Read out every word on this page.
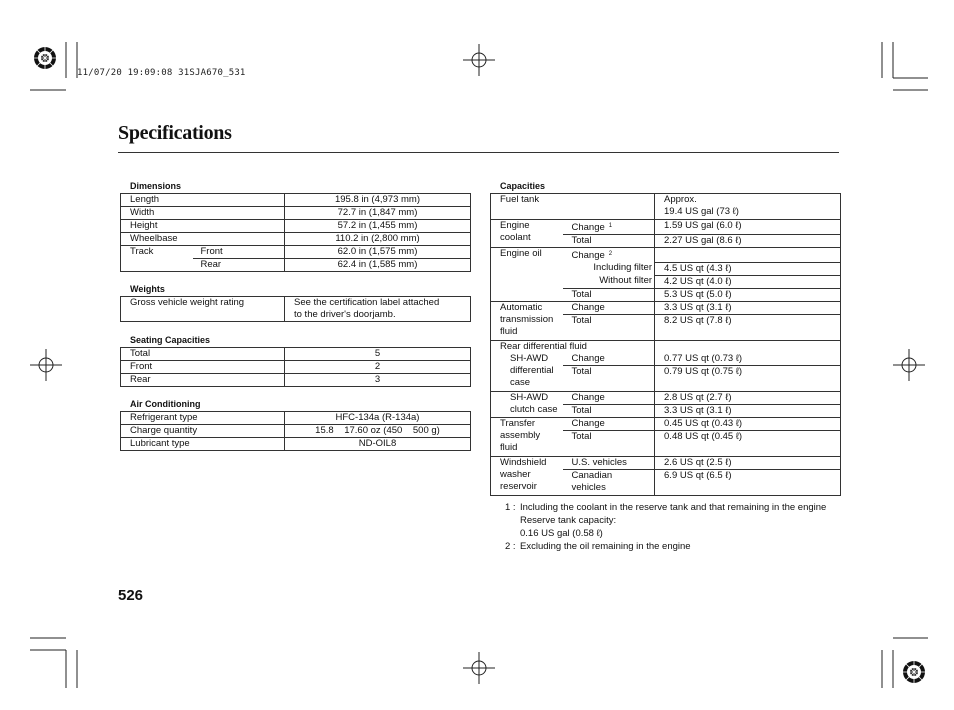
11/07/20 19:09:08 31SJA670_531
Specifications
Dimensions
Length		195.8 in (4,973 mm)
Width		72.7 in (1,847 mm)
Height		57.2 in (1,455 mm)
Wheelbase		110.2 in (2,800 mm)
Track	Front	62.0 in (1,575 mm)
	Rear	62.4 in (1,585 mm)
Weights
Gross vehicle weight rating	See the certification label attached
to the driver's doorjamb.
Seating Capacities
Total	5
Front	2
Rear	3
Air Conditioning
Refrigerant type	HFC-134a (R-134a)
Charge quantity	15.8    17.60 oz (450    500 g)
Lubricant type	ND-OIL8
Capacities
Fuel tank		Approx.
19.4 US gal (73 ℓ)

Engine
coolant	Change $^1$	1.59 US gal (6.0 ℓ)
	Total	2.27 US gal (8.6 ℓ)
Engine oil	Change $^2$	
	Including filter	4.5 US qt (4.3 ℓ)
	Without filter	4.2 US qt (4.0 ℓ)
	Total	5.3 US qt (5.0 ℓ)

Automatic
transmission
fluid	Change	3.3 US qt (3.1 ℓ)
	Total	8.2 US qt (7.8 ℓ)
Rear differential fluid		

SH-AWD
differential
case	Change	0.77 US qt (0.73 ℓ)
	Total	0.79 US qt (0.75 ℓ)

SH-AWD
clutch case	Change	2.8 US qt (2.7 ℓ)
	Total	3.3 US qt (3.1 ℓ)

Transfer
assembly
fluid	Change	0.45 US qt (0.43 ℓ)
	Total	0.48 US qt (0.45 ℓ)

Windshield
washer
reservoir	U.S. vehicles	2.6 US qt (2.5 ℓ)

	Canadian
vehicles	6.9 US qt (6.5 ℓ)
1 : Including the coolant in the reserve tank and that remaining in the engine
Reserve tank capacity:
0.16 US gal (0.58 ℓ)
2 : Excluding the oil remaining in the engine
526
